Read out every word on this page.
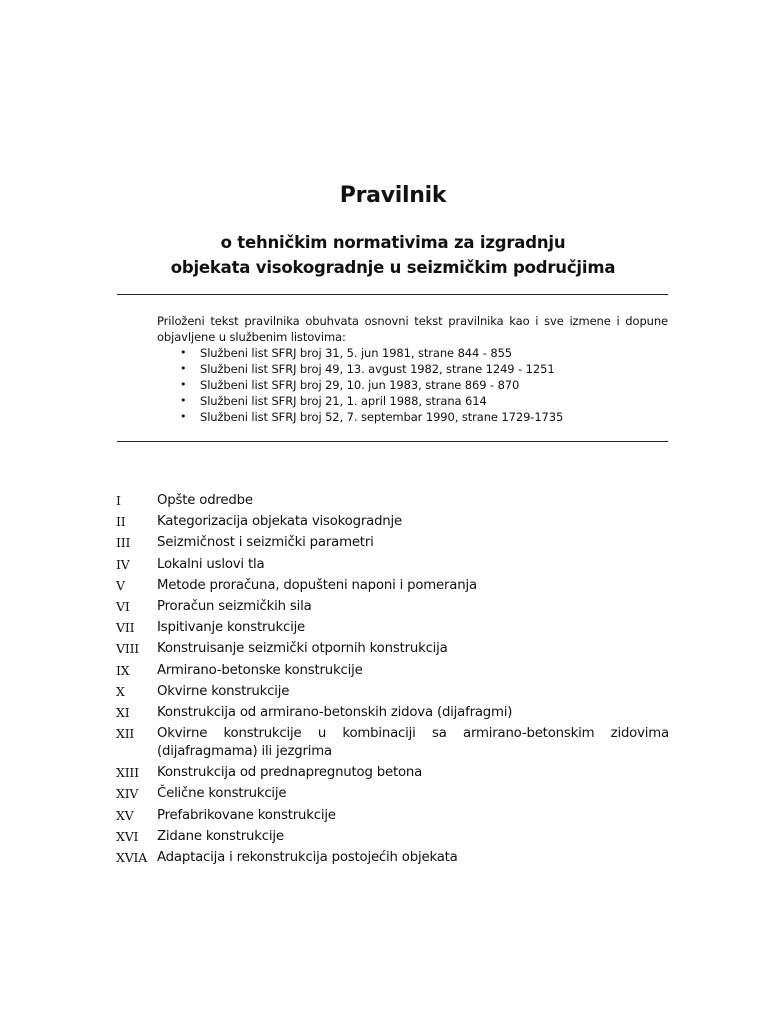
Pravilnik
o tehničkim normativima za izgradnju
objekata visokogradnje u seizmičkim područjima
Priloženi tekst pravilnika obuhvata osnovni tekst pravilnika kao i sve izmene i dopune objavljene u službenim listovima:
• Službeni list SFRJ broj 31, 5. jun 1981, strane 844 - 855
• Službeni list SFRJ broj 49, 13. avgust 1982, strane 1249 - 1251
• Službeni list SFRJ broj 29, 10. jun 1983, strane 869 - 870
• Službeni list SFRJ broj 21, 1. april 1988, strana 614
• Službeni list SFRJ broj 52, 7. septembar 1990, strane 1729-1735
I	Opšte odredbe
II	Kategorizacija objekata visokogradnje
III	Seizmičnost i seizmički parametri
IV	Lokalni uslovi tla
V	Metode proračuna, dopušteni naponi i pomeranja
VI	Proračun seizmičkih sila
VII	Ispitivanje konstrukcije
VIII	Konstruisanje seizmički otpornih konstrukcija
IX	Armirano-betonske konstrukcije
X	Okvirne konstrukcije
XI	Konstrukcija od armirano-betonskih zidova (dijafragmi)
XII	Okvirne konstrukcije u kombinaciji sa armirano-betonskim zidovima (dijafragmama) ili jezgrima
XIII	Konstrukcija od prednapregnutog betona
XIV	Čelične konstrukcije
XV	Prefabrikovane konstrukcije
XVI	Zidane konstrukcije
XVIA Adaptacija i rekonstrukcija postojećih objekata
